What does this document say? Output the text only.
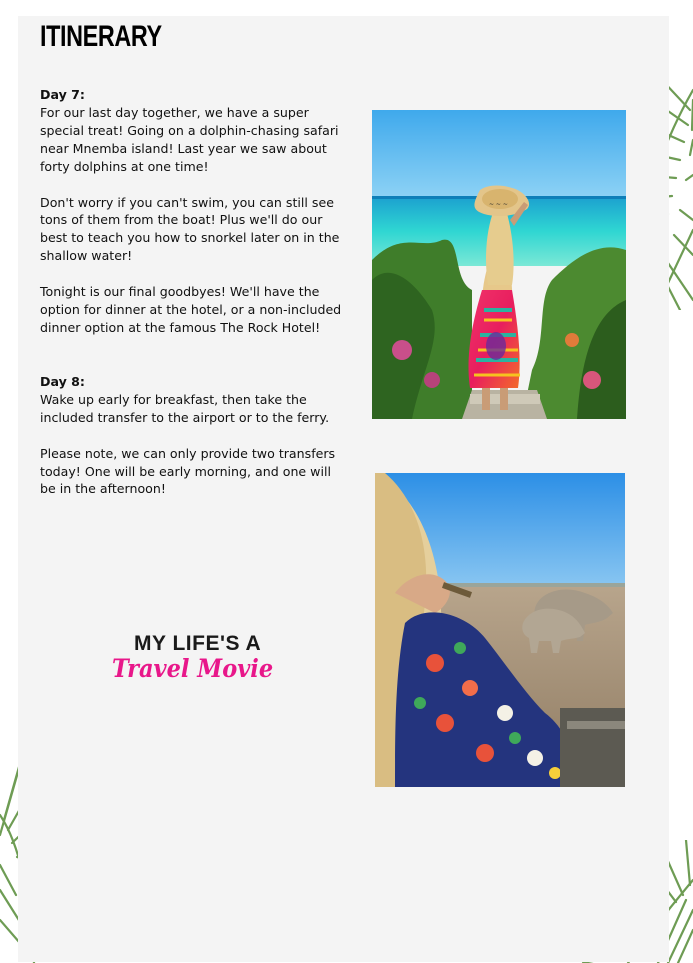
ITINERARY

Day 7:

For our last day together, we have a super special treat! Going on a dolphin-chasing safari near Mnemba island! Last year we saw about forty dolphins at one time!

Don't worry if you can't swim, you can still see tons of them from the boat! Plus we'll do our best to teach you how to snorkel later on in the shallow water!

Tonight is our final goodbyes! We'll have the option for dinner at the hotel, or a non-included dinner option at the famous The Rock Hotel!

Day 8:

Wake up early for breakfast, then take the included transfer to the airport or to the ferry.

Please note, we can only provide two transfers today! One will be early morning, and one will be in the afternoon!

~ ~ ~
MY LIFE'S A
Travel Movie
